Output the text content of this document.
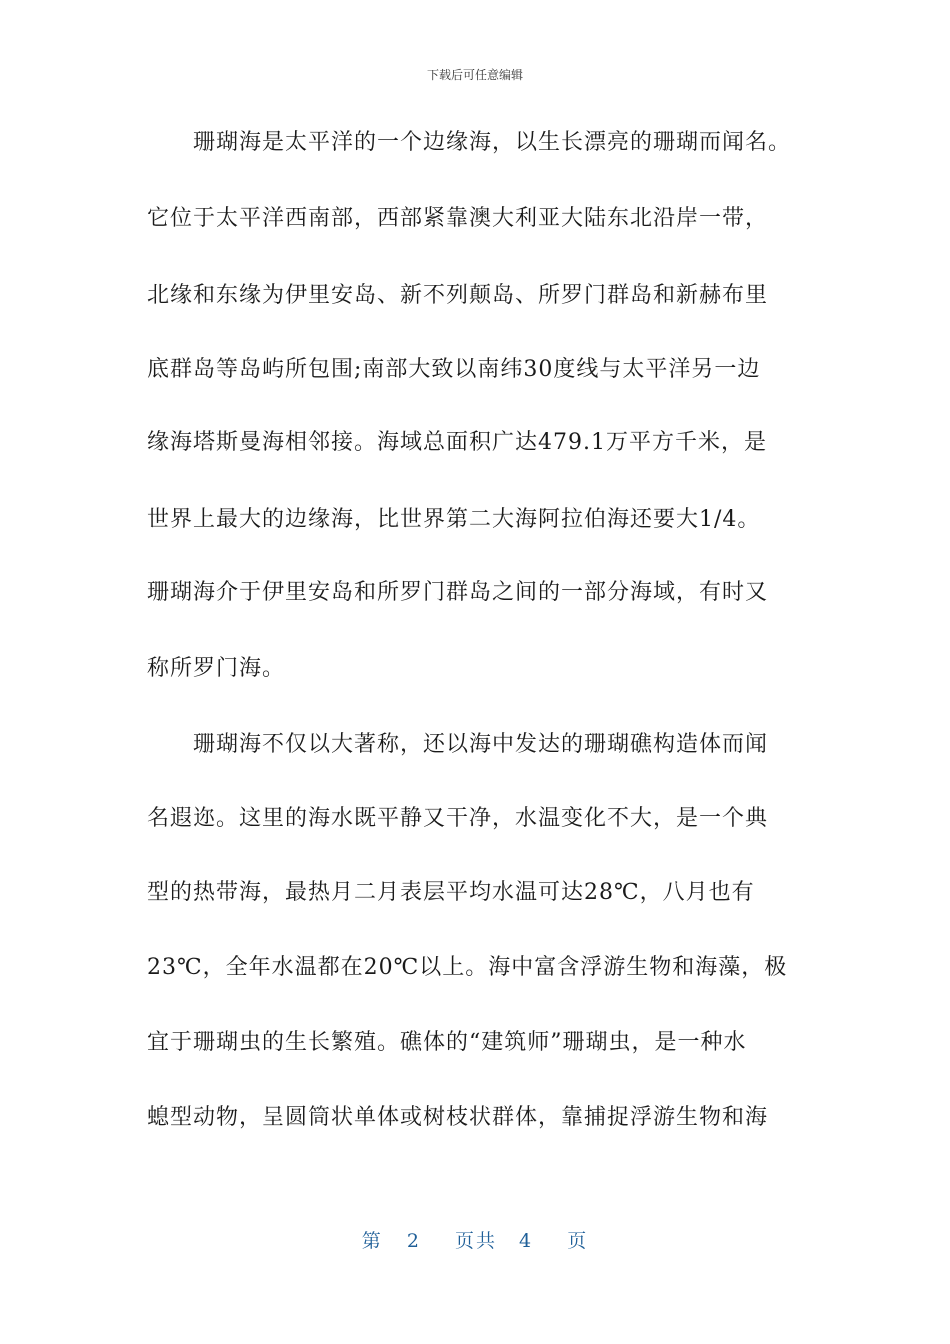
下载后可任意编辑
珊瑚海是太平洋的一个边缘海，以生长漂亮的珊瑚而闻名。
它位于太平洋西南部，西部紧靠澳大利亚大陆东北沿岸一带，
北缘和东缘为伊里安岛、新不列颠岛、所罗门群岛和新赫布里
底群岛等岛屿所包围;南部大致以南纬30度线与太平洋另一边
缘海塔斯曼海相邻接。海域总面积广达479.1万平方千米，是
世界上最大的边缘海，比世界第二大海阿拉伯海还要大1/4。
珊瑚海介于伊里安岛和所罗门群岛之间的一部分海域，有时又
称所罗门海。
珊瑚海不仅以大著称，还以海中发达的珊瑚礁构造体而闻
名遐迩。这里的海水既平静又干净，水温变化不大，是一个典
型的热带海，最热月二月表层平均水温可达28℃，八月也有
23℃，全年水温都在20℃以上。海中富含浮游生物和海藻，极
宜于珊瑚虫的生长繁殖。礁体的“建筑师”珊瑚虫，是一种水
螅型动物，呈圆筒状单体或树枝状群体，靠捕捉浮游生物和海
第 2 页共 4 页
